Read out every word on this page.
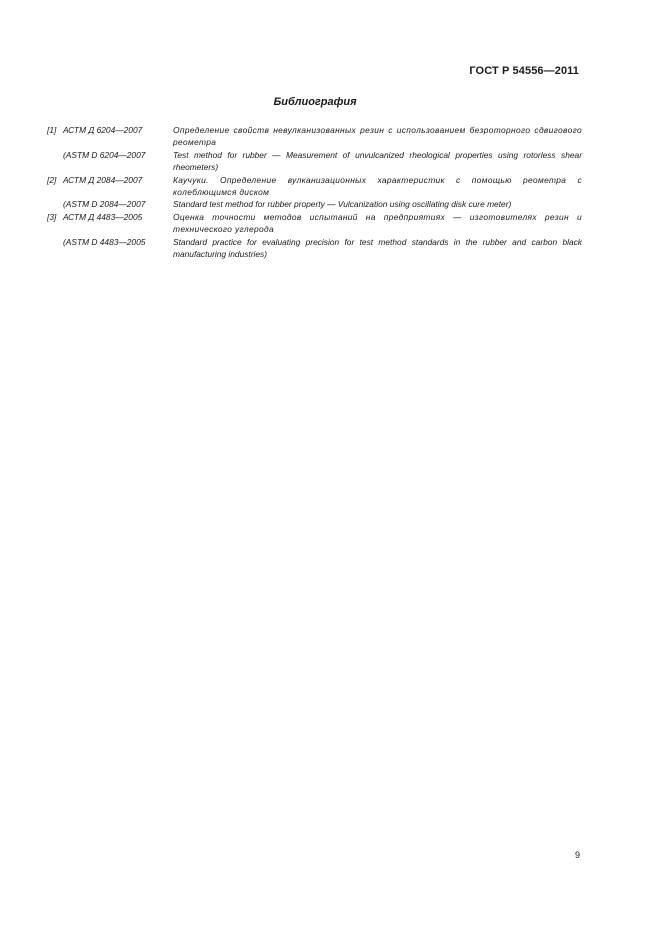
ГОСТ Р 54556—2011
Библиография
[1] АСТМ Д 6204—2007	Определение свойств невулканизованных резин с использованием безроторного сдвигового реометра
(ASTM D 6204—2007	Test method for rubber — Measurement of unvulcanized rheological properties using rotorless shear rheometers)
[2] АСТМ Д 2084—2007	Каучуки. Определение вулканизационных характеристик с помощью реометра с колеблющимся диском
(ASTM D 2084—2007	Standard test method for rubber property — Vulcanization using oscillating disk cure meter)
[3] АСТМ Д 4483—2005	Оценка точности методов испытаний на предприятиях — изготовителях резин и технического углерода
(ASTM D 4483—2005	Standard practice for evaluating precision for test method standards in the rubber and carbon black manufacturing industries)
9
